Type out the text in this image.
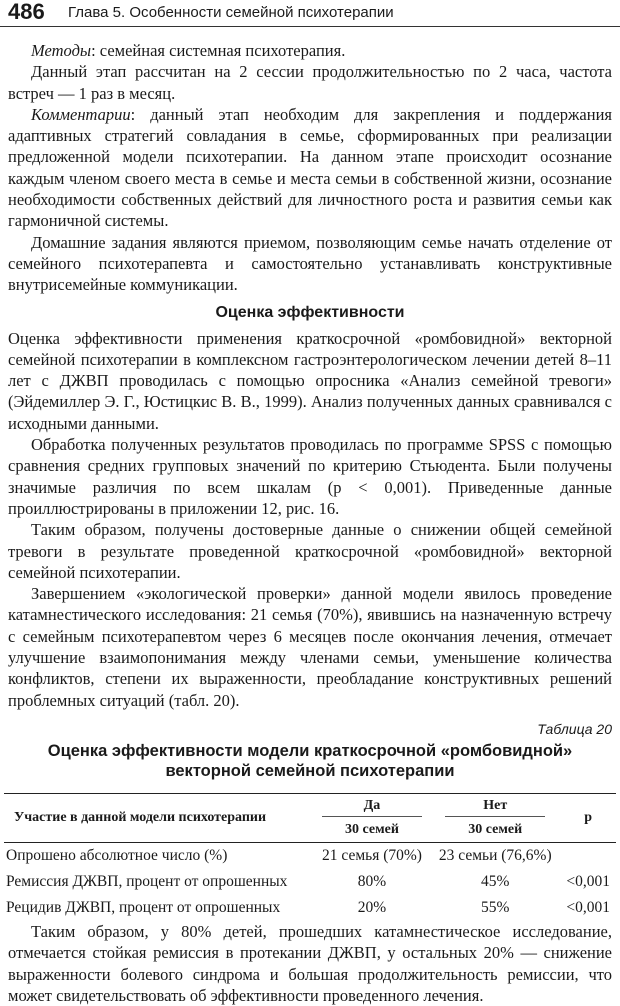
486 Глава 5. Особенности семейной психотерапии

Методы: семейная системная психотерапия.

Данный этап рассчитан на 2 сессии продолжительностью по 2 часа, частота встреч — 1 раз в месяц.

Комментарии: данный этап необходим для закрепления и поддержания адаптивных стратегий совладания в семье, сформированных при реализации предложенной модели психотерапии. На данном этапе происходит осознание каждым членом своего места в семье и места семьи в собственной жизни, осознание необходимости собственных действий для личностного роста и развития семьи как гармоничной системы.

Домашние задания являются приемом, позволяющим семье начать отделение от семейного психотерапевта и самостоятельно устанавливать конструктивные внутрисемейные коммуникации.

Оценка эффективности

Оценка эффективности применения краткосрочной «ромбовидной» векторной семейной психотерапии в комплексном гастроэнтерологическом лечении детей 8–11 лет с ДЖВП проводилась с помощью опросника «Анализ семейной тревоги» (Эйдемиллер Э. Г., Юстицкис В. В., 1999). Анализ полученных данных сравнивался с исходными данными.

Обработка полученных результатов проводилась по программе SPSS с помощью сравнения средних групповых значений по критерию Стьюдента. Были получены значимые различия по всем шкалам (p < 0,001). Приведенные данные проиллюстрированы в приложении 12, рис. 16.

Таким образом, получены достоверные данные о снижении общей семейной тревоги в результате проведенной краткосрочной «ромбовидной» векторной семейной психотерапии.

Завершением «экологической проверки» данной модели явилось проведение катамнестического исследования: 21 семья (70%), явившись на назначенную встречу с семейным психотерапевтом через 6 месяцев после окончания лечения, отмечает улучшение взаимопонимания между членами семьи, уменьшение количества конфликтов, степени их выраженности, преобладание конструктивных решений проблемных ситуаций (табл. 20).

Таблица 20
Оценка эффективности модели краткосрочной «ромбовидной»
векторной семейной психотерапии
Участие в данной модели психотерапии	Да	Нет	p
	30 семей	30 семей	
Опрошено абсолютное число (%)	21 семья (70%)	23 семьи (76,6%)	
Ремиссия ДЖВП, процент от опрошенных	80%	45%	<0,001
Рецидив ДЖВП, процент от опрошенных	20%	55%	<0,001

Таким образом, у 80% детей, прошедших катамнестическое исследование, отмечается стойкая ремиссия в протекании ДЖВП, у остальных 20% — снижение выраженности болевого синдрома и большая продолжительность ремиссии, что может свидетельствовать об эффективности проведенного лечения.
